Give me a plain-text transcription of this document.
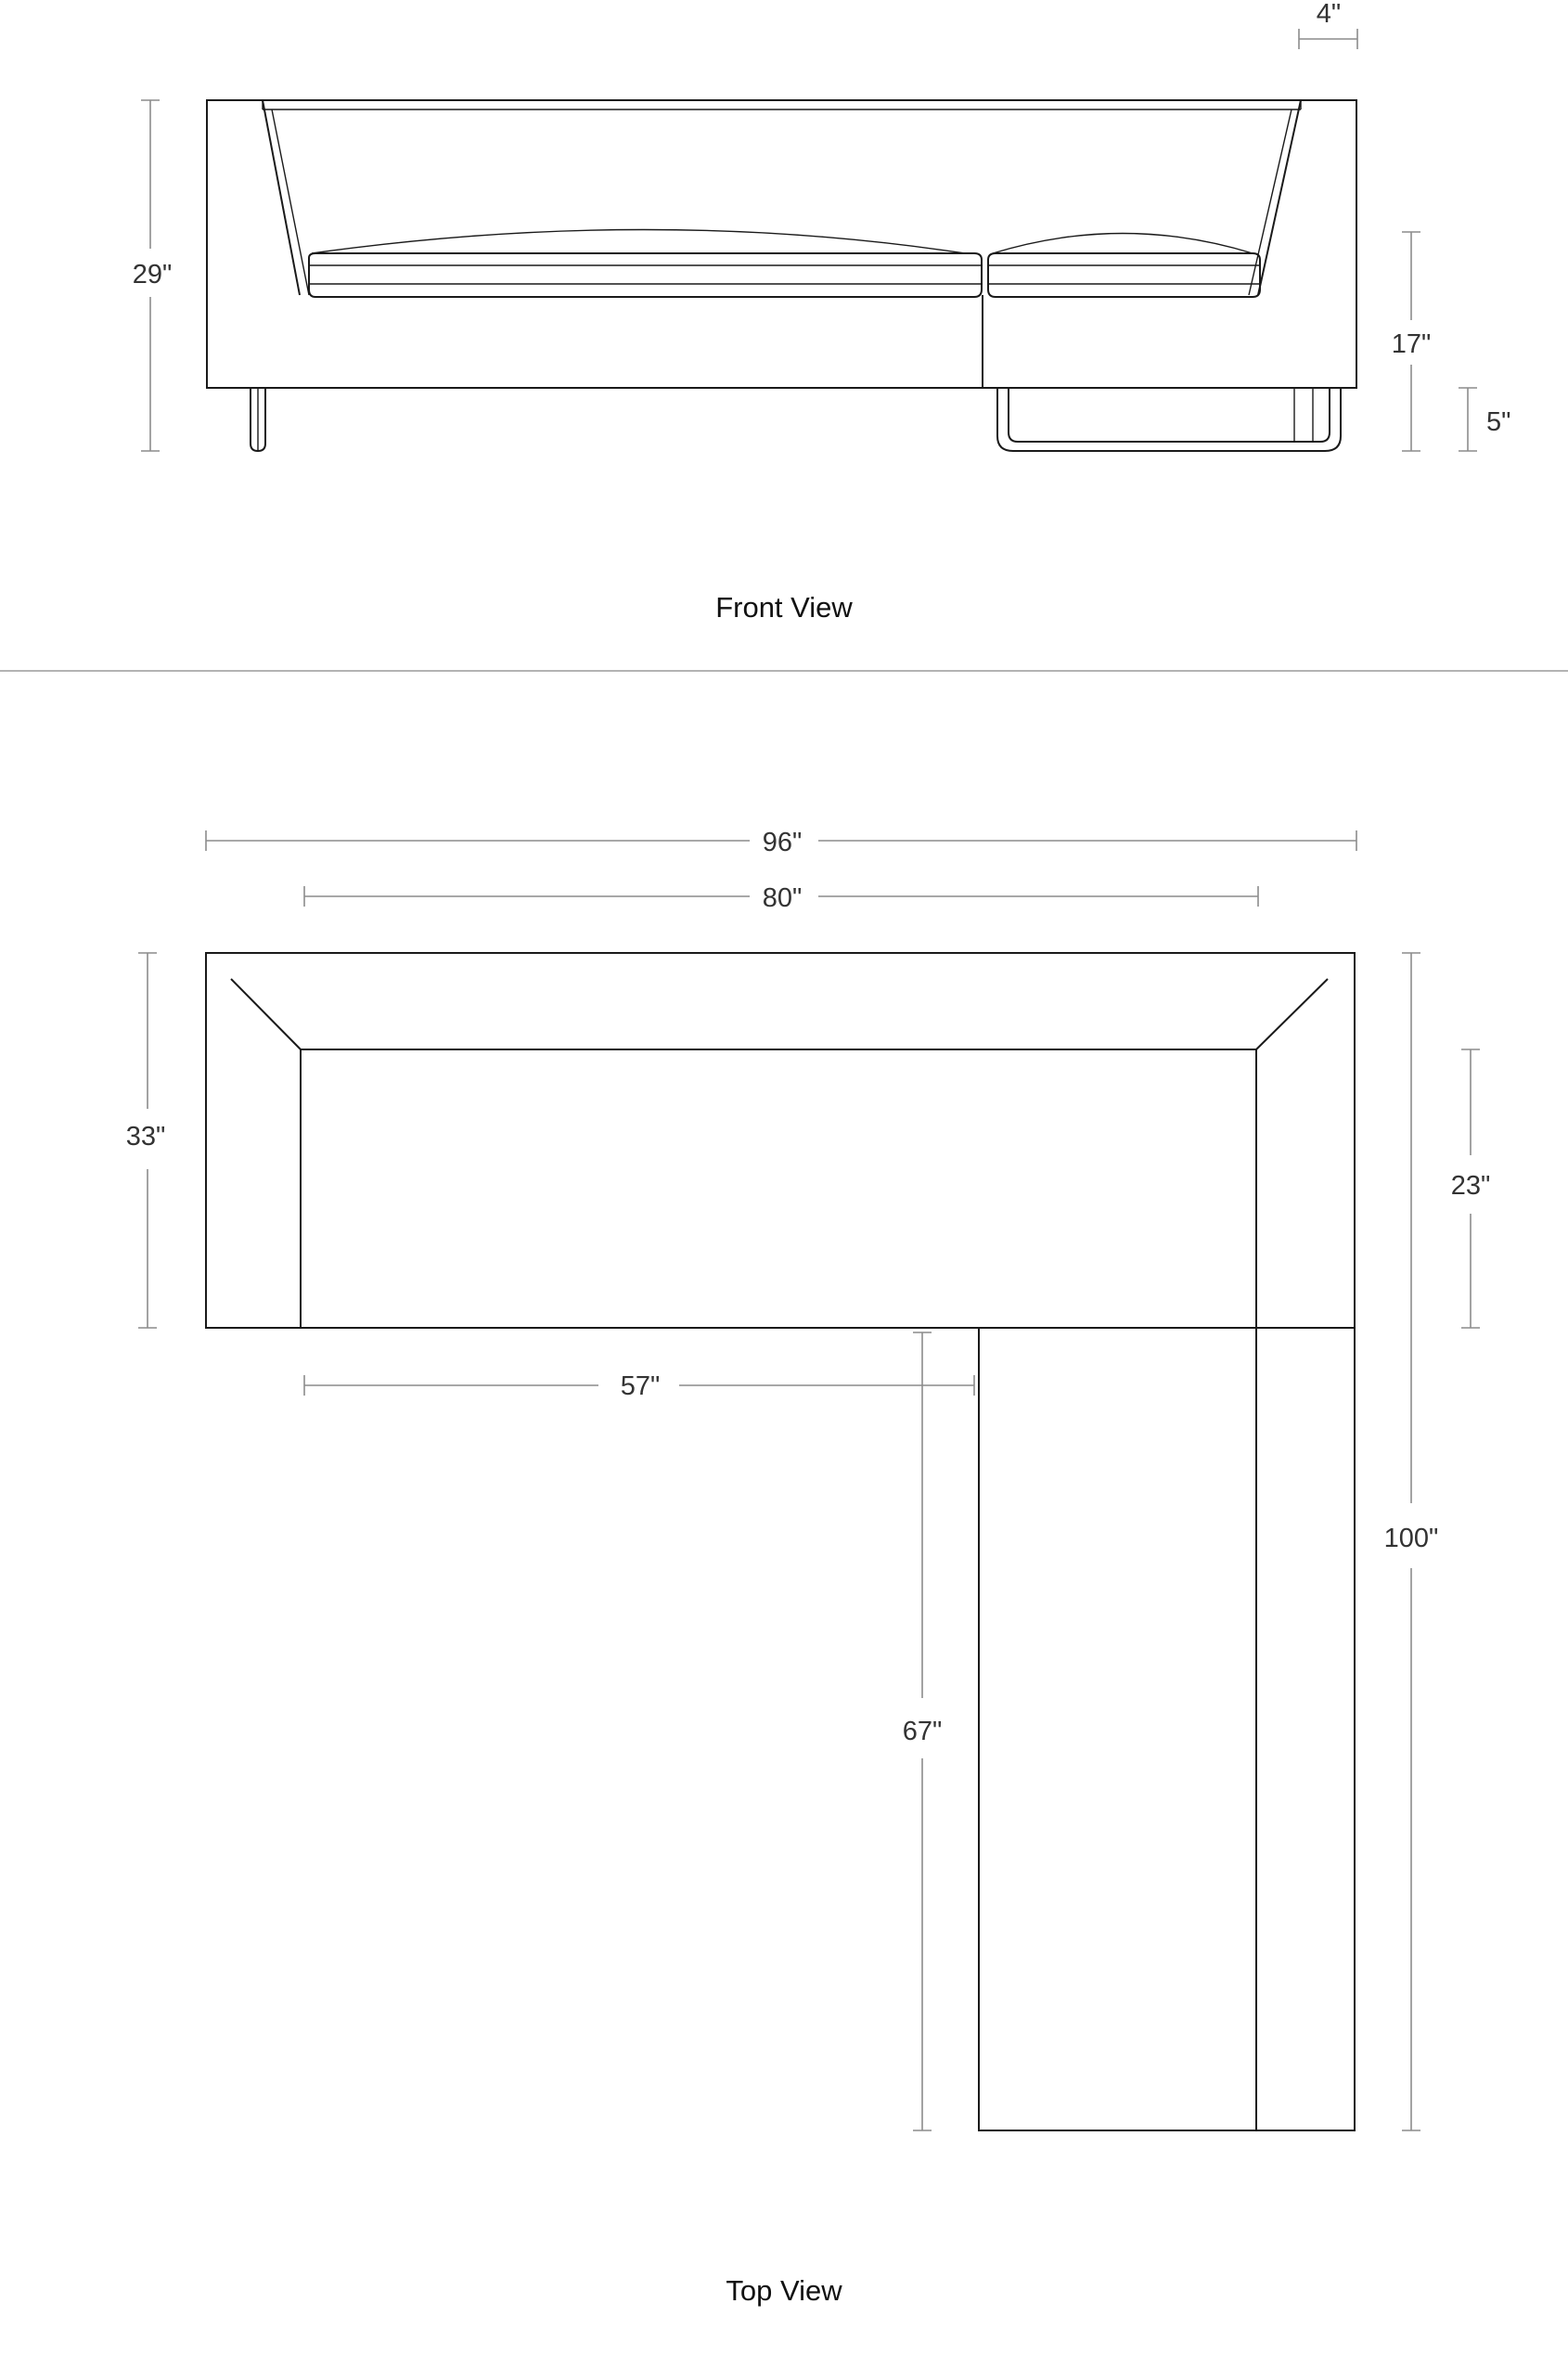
4"
29"
17"
5"
Front View
96"
80"
33"
23"
100"
57"
67"
Top View
